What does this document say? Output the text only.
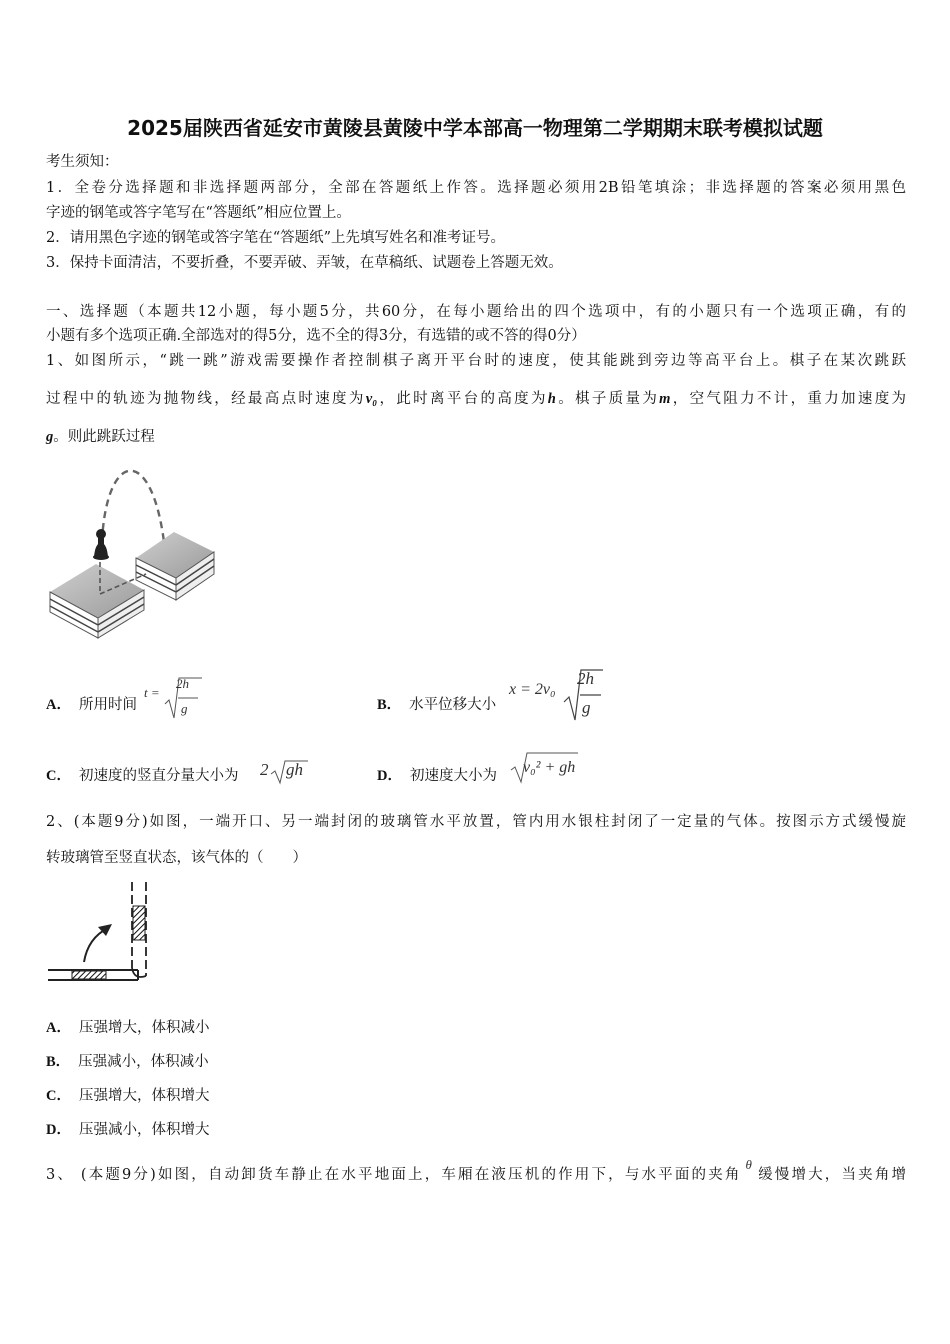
2025届陕西省延安市黄陵县黄陵中学本部高一物理第二学期期末联考模拟试题
考生须知：
1．全卷分选择题和非选择题两部分，全部在答题纸上作答。选择题必须用2B铅笔填涂；非选择题的答案必须用黑色
字迹的钢笔或答字笔写在“答题纸”相应位置上。
2．请用黑色字迹的钢笔或答字笔在“答题纸”上先填写姓名和准考证号。
3．保持卡面清洁，不要折叠，不要弄破、弄皱，在草稿纸、试题卷上答题无效。
一、选择题（本题共12小题，每小题5分，共60分，在每小题给出的四个选项中，有的小题只有一个选项正确，有的
小题有多个选项正确.全部选对的得5分，选不全的得3分，有选错的或不答的得0分）
1、如图所示，“跳一跳”游戏需要操作者控制棋子离开平台时的速度，使其能跳到旁边等高平台上。棋子在某次跳跃
过程中的轨迹为抛物线，经最高点时速度为v₀，此时离平台的高度为h。棋子质量为m，空气阻力不计，重力加速度为
g。则此跳跃过程
A． 所用时间
t =
2h
g	B． 水平位移大小
x = 2v₀
2h
g
C． 初速度的竖直分量大小为 2 gh	D． 初速度大小为 v₀² + gh
2、(本题9分)如图，一端开口、另一端封闭的玻璃管水平放置，管内用水银柱封闭了一定量的气体。按图示方式缓慢旋
转玻璃管至竖直状态，该气体的（　　）
A． 压强增大，体积减小
B． 压强减小，体积减小
C． 压强增大，体积增大
D． 压强减小，体积增大
3、 (本题9分)如图，自动卸货车静止在水平地面上，车厢在液压机的作用下，与水平面的夹角θ缓慢增大，当夹角增
